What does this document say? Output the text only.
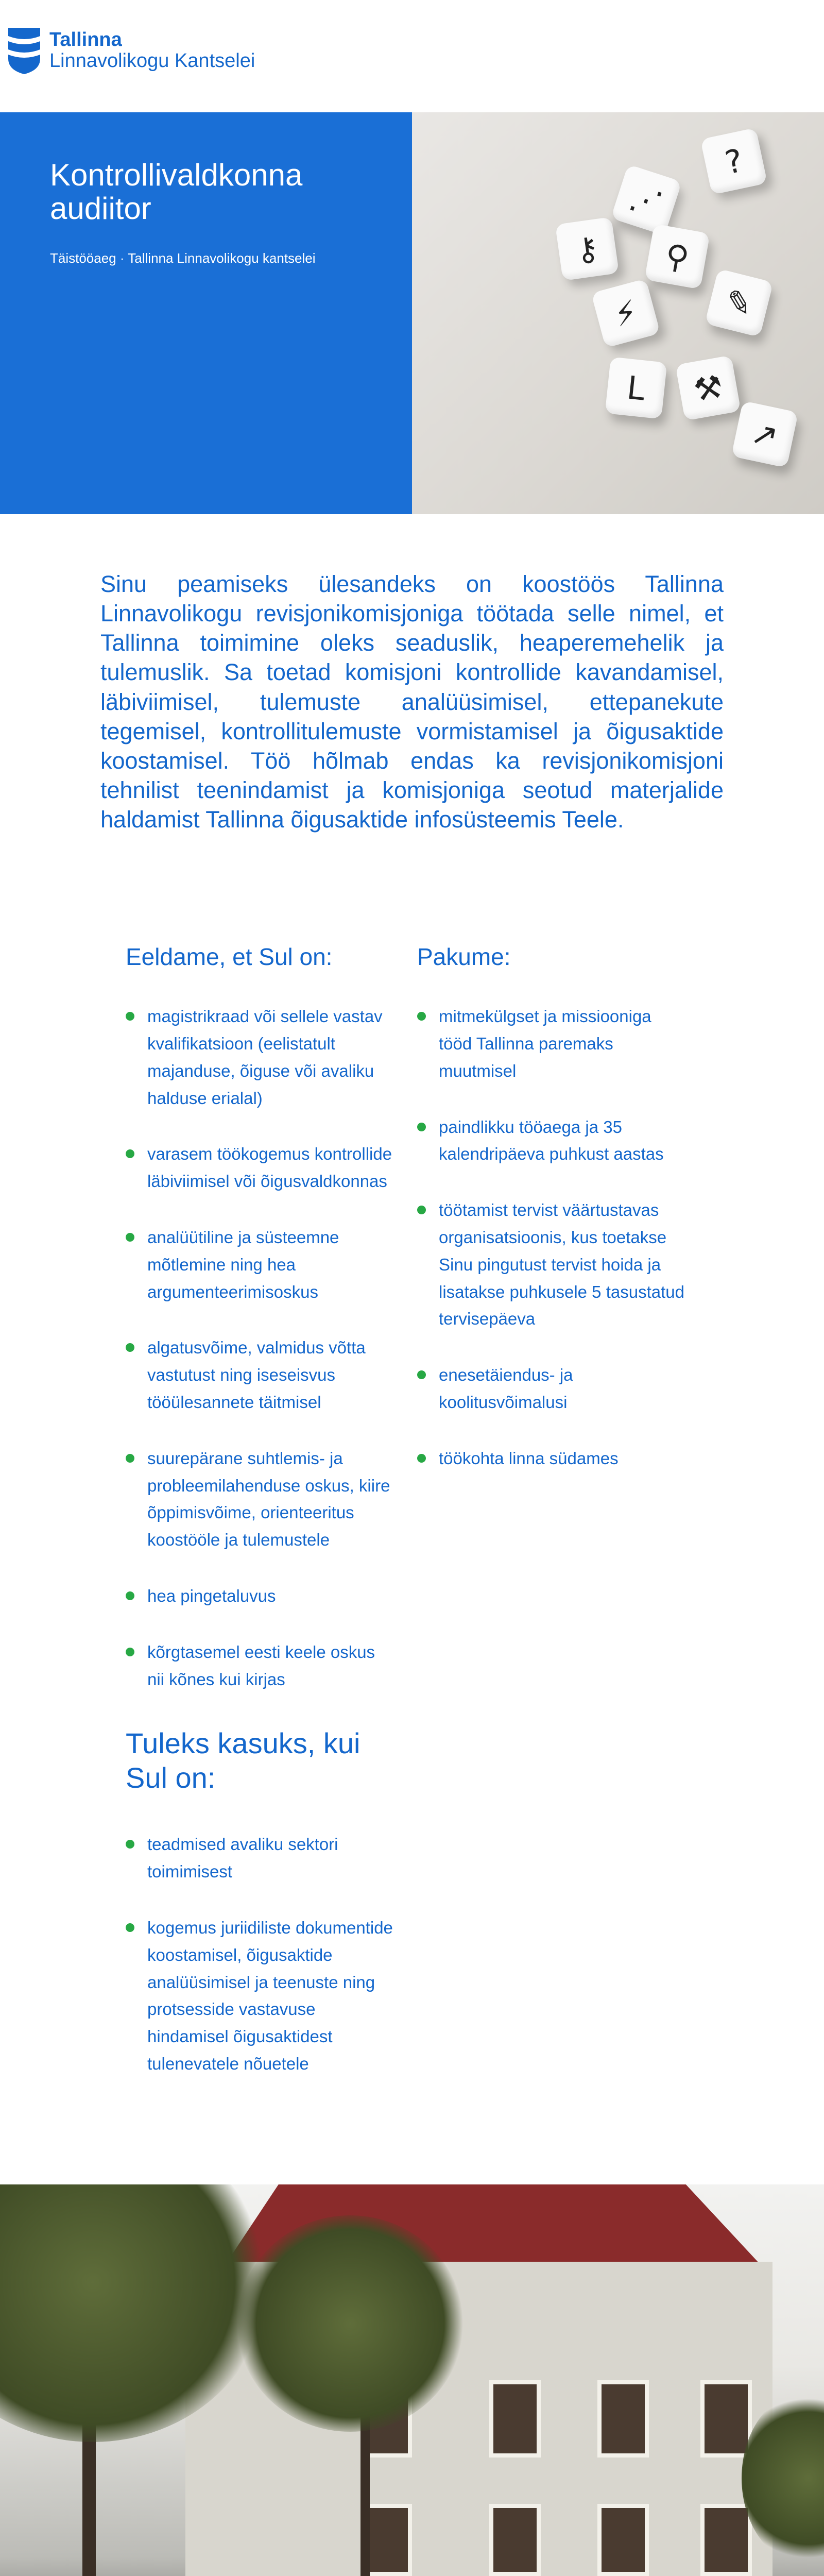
Tallinna
Linnavolikogu Kantselei
Kontrollivaldkonna audiitor
Täistööaeg · Tallinna Linnavolikogu kantselei
?
⋰
⚷	⚲
⚡	✎
L	⚒
↗

Sinu peamiseks ülesandeks on koostöös Tallinna Linnavolikogu revisjonikomisjoniga töötada selle nimel, et Tallinna toimimine oleks seaduslik, heaperemehelik ja tulemuslik. Sa toetad komisjoni kontrollide kavandamisel, läbiviimisel, tulemuste analüüsimisel, ettepanekute tegemisel, kontrollitulemuste vormistamisel ja õigusaktide koostamisel. Töö hõlmab endas ka revisjonikomisjoni tehnilist teenindamist ja komisjoniga seotud materjalide haldamist Tallinna õigusaktide infosüsteemis Teele.

Eeldame, et Sul on:
magistrikraad või sellele vastav kvalifikatsioon (eelistatult majanduse, õiguse või avaliku halduse erialal)
varasem töökogemus kontrollide läbiviimisel või õigusvaldkonnas
analüütiline ja süsteemne mõtlemine ning hea argumenteerimisoskus
algatusvõime, valmidus võtta vastutust ning iseseisvus tööülesannete täitmisel
suurepärane suhtlemis- ja probleemilahenduse oskus, kiire õppimisvõime, orienteeritus koostööle ja tulemustele
hea pingetaluvus
kõrgtasemel eesti keele oskus nii kõnes kui kirjas
Tuleks kasuks, kui Sul on:
teadmised avaliku sektori toimimisest
kogemus juriidiliste dokumentide koostamisel, õigusaktide analüüsimisel ja teenuste ning protsesside vastavuse hindamisel õigusaktidest tulenevatele nõuetele
Pakume:
mitmekülgset ja missiooniga tööd Tallinna paremaks muutmisel
paindlikku tööaega ja 35 kalendripäeva puhkust aastas
töötamist tervist väärtustavas organisatsioonis, kus toetakse Sinu pingutust tervist hoida ja lisatakse puhkusele 5 tasustatud tervisepäeva
enesetäiendus- ja koolitusvõimalusi
töökohta linna südames
